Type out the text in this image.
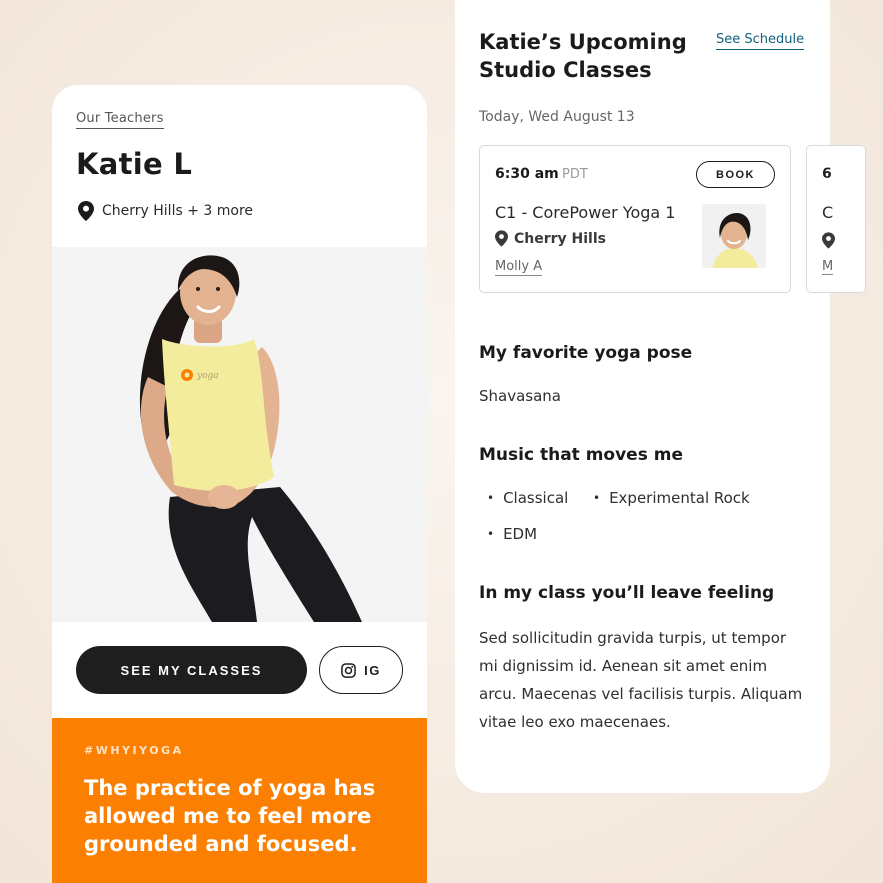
Our Teachers
Katie L
Cherry Hills + 3 more
yoga
SEE MY CLASSES	IG
#WHYIYOGA
The practice of yoga has allowed me to feel more grounded and focused.
Katie’s Upcoming Studio Classes
See Schedule
Today, Wed August 13
6:30 am PDT	BOOK
C1 - CorePower Yoga 1
Cherry Hills
Molly A
6
C
M
My favorite yoga pose

Shavasana

Music that moves me
• Classical
•	Experimental Rock
• EDM
In my class you’ll leave feeling

Sed sollicitudin gravida turpis, ut tempor mi dignissim id. Aenean sit amet enim arcu. Maecenas vel facilisis turpis. Aliquam vitae leo exo maecenaes.
